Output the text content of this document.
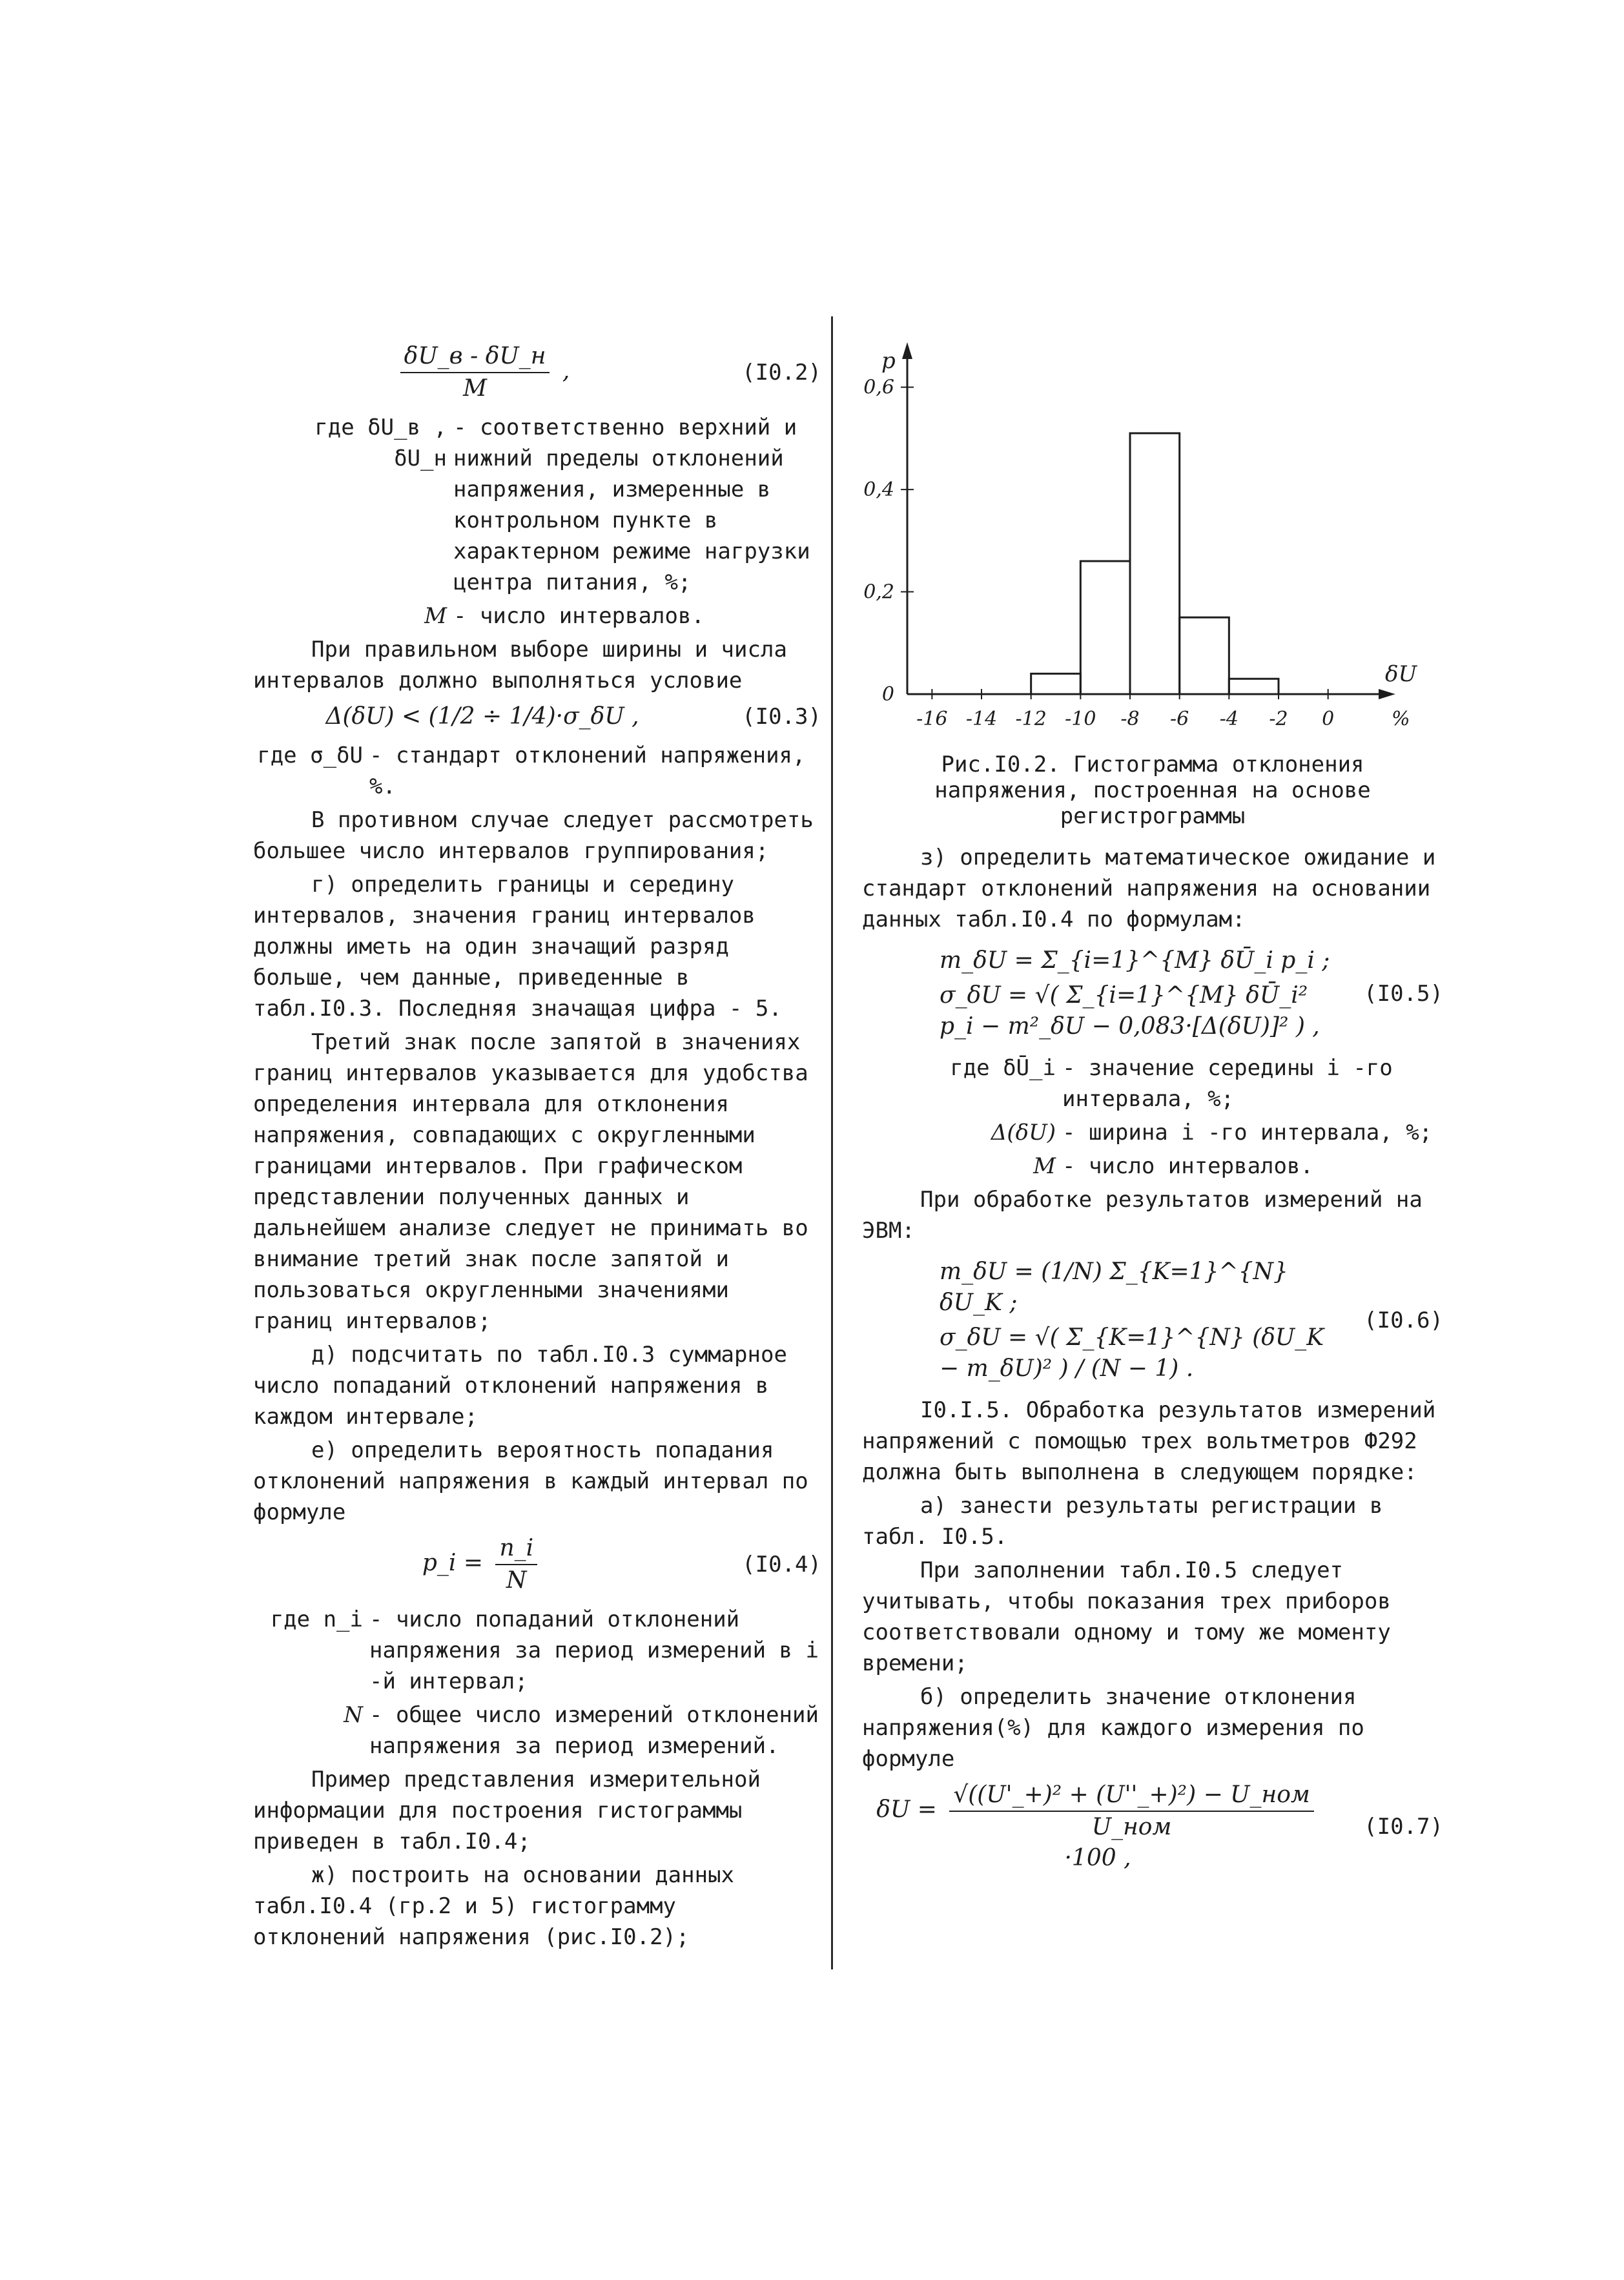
$\frac{\delta U\_в - \delta U\_н}{M}$ ,	(I0.2)
где δU_в , δU_н
- соответственно верхний и нижний пределы отклонений напряжения, измеренные в контрольном пункте в характерном режиме нагрузки центра питания, %;
M - число интервалов.

При правильном выборе ширины и числа интервалов должно выполняться условие

Δ(δU) < (1/2 ÷ 1/4)·σ_δU ,	(I0.3)
где σ_δU - стандарт отклонений напряжения, %.

В противном случае следует рассмотреть большее число интервалов группирования;

г) определить границы и середину интервалов, значения границ интервалов должны иметь на один значащий разряд больше, чем данные, приведенные в табл.I0.3. Последняя значащая цифра - 5.

Третий знак после запятой в значениях границ интервалов указывается для удобства определения интервала для отклонения напряжения, совпадающих с округленными границами интервалов. При графическом представлении полученных данных и дальнейшем анализе следует не принимать во внимание третий знак после запятой и пользоваться округленными значениями границ интервалов;

д) подсчитать по табл.I0.3 суммарное число попаданий отклонений напряжения в каждом интервале;

е) определить вероятность попадания отклонений напряжения в каждый интервал по формуле

p_i = $\frac{n\_i}{N}$	(I0.4)
где n_i - число попаданий отклонений напряжения за период измерений в i -й интервал;
N - общее число измерений отклонений напряжения за период измерений.

Пример представления измерительной информации для построения гистограммы приведен в табл.I0.4;

ж) построить на основании данных табл.I0.4 (гр.2 и 5) гистограмму отклонений напряжения (рис.I0.2);

0
0,2
0,4
0,6
-16 -14 -12 -10 -8 -6 -4 -2 0
p
δU
%
Рис.I0.2. Гистограмма отклонения напряжения, построенная на основе регистрограммы

з) определить математическое ожидание и стандарт отклонений напряжения на основании данных табл.I0.4 по формулам:

m_δU = Σ_{i=1}^{M} δŪ_i p_i ;
σ_δU = √( Σ_{i=1}^{M} δŪ_i² p_i − m²_δU − 0,083·[Δ(δU)]² ) ,
(I0.5)
где δŪ_i - значение середины i -го интервала, %;
Δ(δU) - ширина i -го интервала, %;
M - число интервалов.

При обработке результатов измерений на ЭВМ:

m_δU = (1/N) Σ_{K=1}^{N} δU_K ;
σ_δU = √( Σ_{K=1}^{N} (δU_K − m_δU)² ) / (N − 1) .
(I0.6)

I0.I.5. Обработка результатов измерений напряжений с помощью трех вольтметров Ф292 должна быть выполнена в следующем порядке:

а) занести результаты регистрации в табл. I0.5.

При заполнении табл.I0.5 следует учитывать, чтобы показания трех приборов соответствовали одному и тому же моменту времени;

б) определить значение отклонения напряжения(%) для каждого измерения по формуле

$\delta U = \frac{\text{√((U'\_+)² + (U''\_+)²) − U\_ном}}{\text{U\_ном}}$
·100 ,
(I0.7)
